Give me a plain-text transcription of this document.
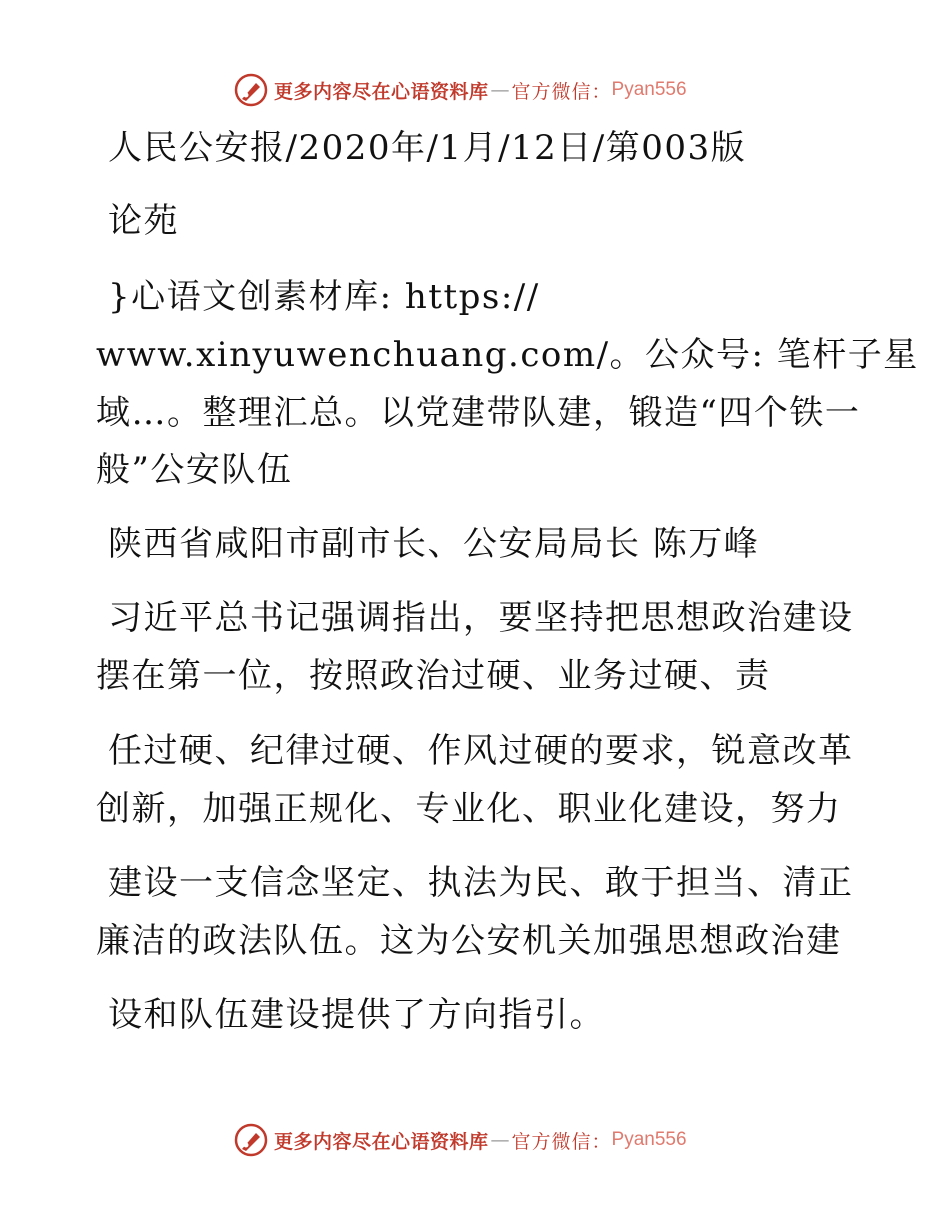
更多内容尽在心语资料库 — 官方微信： Pyan556
人民公安报/2020年/1月/12日/第003版
论苑
}心语文创素材库: https://
www.xinyuwenchuang.com/。公众号: 笔杆子星
域…。整理汇总。以党建带队建，锻造“四个铁一
般”公安队伍
陕西省咸阳市副市长、公安局局长 陈万峰
习近平总书记强调指出，要坚持把思想政治建设
摆在第一位，按照政治过硬、业务过硬、责
任过硬、纪律过硬、作风过硬的要求，锐意改革
创新，加强正规化、专业化、职业化建设，努力
建设一支信念坚定、执法为民、敢于担当、清正
廉洁的政法队伍。这为公安机关加强思想政治建
设和队伍建设提供了方向指引。
更多内容尽在心语资料库 — 官方微信： Pyan556
